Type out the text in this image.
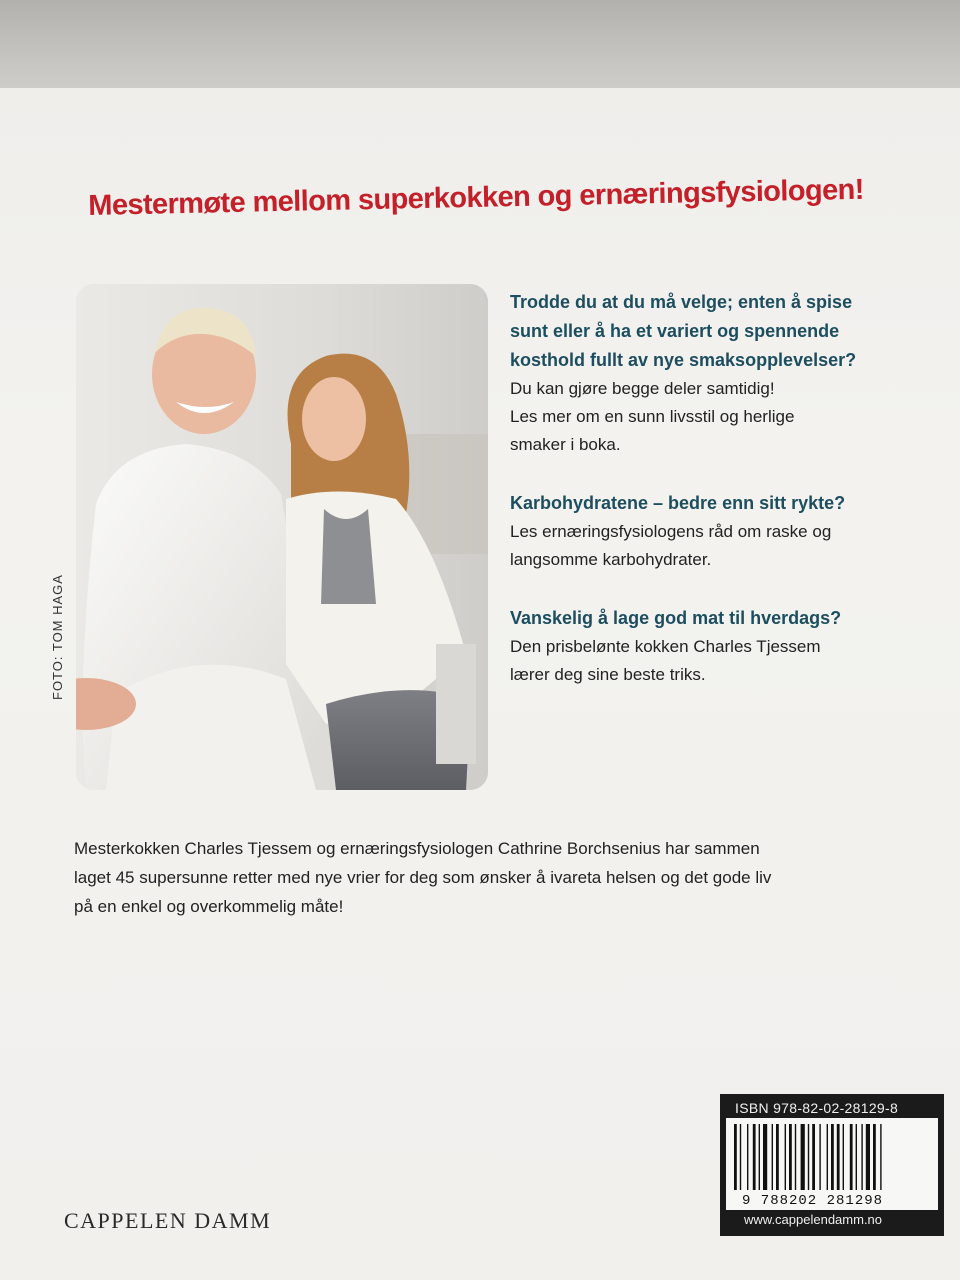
Mestermøte mellom superkokken og ernæringsfysiologen!
FOTO: TOM HAGA
Trodde du at du må velge; enten å spise
sunt eller å ha et variert og spennende
kosthold fullt av nye smaksopplevelser?

Du kan gjøre begge deler samtidig!
Les mer om en sunn livsstil og herlige
smaker i boka.

Karbohydratene – bedre enn sitt rykte?

Les ernæringsfysiologens råd om raske og
langsomme karbohydrater.

Vanskelig å lage god mat til hverdags?

Den prisbelønte kokken Charles Tjessem
lærer deg sine beste triks.

Mesterkokken Charles Tjessem og ernæringsfysiologen Cathrine Borchsenius har sammen
laget 45 supersunne retter med nye vrier for deg som ønsker å ivareta helsen og det gode liv
på en enkel og overkommelig måte!

ISBN 978-82-02-28129-8
9 788202 281298
www.cappelendamm.no
CAPPELEN DAMM
